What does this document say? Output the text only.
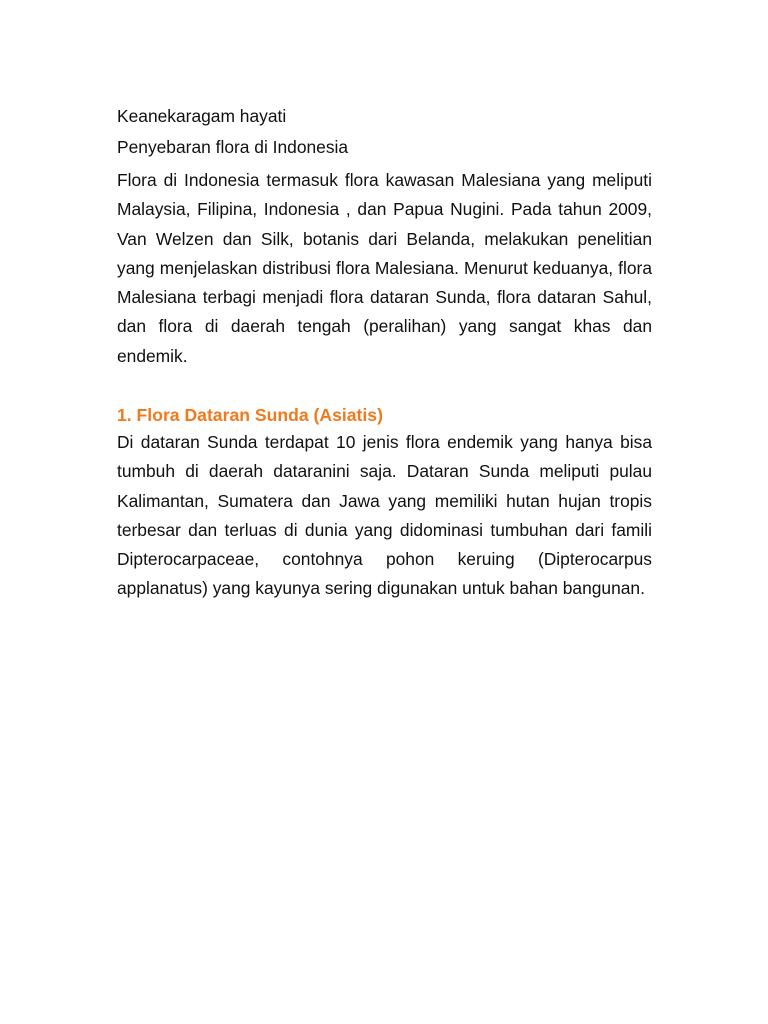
Keanekaragam hayati

Penyebaran flora di Indonesia

Flora di Indonesia termasuk flora kawasan Malesiana yang meliputi Malaysia, Filipina, Indonesia , dan Papua Nugini. Pada tahun 2009, Van Welzen dan Silk, botanis dari Belanda, melakukan penelitian yang menjelaskan distribusi flora Malesiana. Menurut keduanya, flora Malesiana terbagi menjadi flora dataran Sunda, flora dataran Sahul, dan flora di daerah tengah (peralihan) yang sangat khas dan endemik.

1. Flora Dataran Sunda (Asiatis)

Di dataran Sunda terdapat 10 jenis flora endemik yang hanya bisa tumbuh di daerah dataranini saja. Dataran Sunda meliputi pulau Kalimantan, Sumatera dan Jawa yang memiliki hutan hujan tropis terbesar dan terluas di dunia yang didominasi tumbuhan dari famili Dipterocarpaceae, contohnya pohon keruing (Dipterocarpus applanatus) yang kayunya sering digunakan untuk bahan bangunan.
